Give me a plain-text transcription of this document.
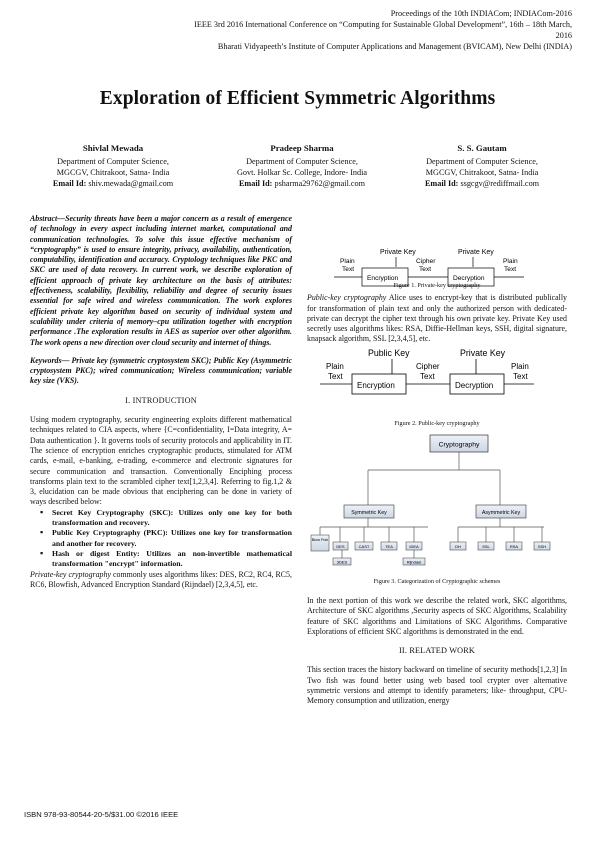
Proceedings of the 10th INDIACom; INDIACom-2016
IEEE 3rd 2016 International Conference on “Computing for Sustainable Global Development”, 16th – 18th March, 2016
Bharati Vidyapeeth’s Institute of Computer Applications and Management (BVICAM), New Delhi (INDIA)
Exploration of Efficient Symmetric Algorithms
Shivlal Mewada
Department of Computer Science,
MGCGV, Chitrakoot, Satna- India
Email Id: shiv.mewada@gmail.com
Pradeep Sharma
Department of Computer Science,
Govt. Holkar Sc. College, Indore- India
Email Id: psharma29762@gmail.com
S. S. Gautam
Department of Computer Science,
MGCGV, Chitrakoot, Satna- India
Email Id: ssgcgv@rediffmail.com
Abstract—Security threats have been a major concern as a result of emergence of technology in every aspect including internet market, computational and communication technologies. To solve this issue effective mechanism of “cryptography” is used to ensure integrity, privacy, availability, authentication, computability, identification and accuracy. Cryptology techniques like PKC and SKC are used of data recovery. In current work, we describe exploration of efficient approach of private key architecture on the basis of attributes: effectiveness, scalability, flexibility, reliability and degree of security issues essential for safe wired and wireless communication. The work explores efficient private key algorithm based on security of individual system and scalability under criteria of memory–cpu utilization together with encryption performance .The exploration results in AES as superior over other algorithm. The work opens a new direction over cloud security and internet of things.
Keywords— Private key (symmetric cryptosystem SKC); Public Key (Asymmetric cryptosystem PKC); wired communication; Wireless communication; variable key size (VKS).
I. INTRODUCTION
Using modern cryptography, security engineering exploits different mathematical techniques related to CIA aspects, where {C=confidentiality, I=Data integrity, A= Data authentication }. It governs tools of security protocols and applicability in IT. The science of encryption enriches cryptographic products, stimulated for ATM cards, e-mail, e-banking, e-trading, e-commerce and electronic signatures for secure communication and transaction. Conventionally Enciphing process transforms plain text to the scrambled cipher text[1,2,3,4]. Referring to fig.1,2 & 3, elucidation can be made obvious that enciphering can be done in variety of ways described below:
▪ Secret Key Cryptography (SKC): Utilizes only one key for both transformation and recovery.
▪ Public Key Cryptography (PKC): Utilizes one key for transformation and another for recovery.
▪ Hash or digest Entity: Utilizes an non-invertible mathematical transformation "encrypt" information.
Private-key cryptography commonly uses algorithms likes: DES, RC2, RC4, RC5, RC6, Blowfish, Advanced Encryption Standard (Rijndael) [2,3,4,5], etc.
Private Key	Private Key
Encryption	Decryption
Plain
Text
Cipher
Text
Plain
Text
Figure 1. Private-key cryptography
Public-key cryptography Alice uses to encrypt-key that is distributed publically for transformation of plain text and only the authorized person with dedicated-private can decrypt the cipher text through his own private key. Private Key used secretly uses algorithms likes: RSA, Diffie-Hellman keys, SSH, digital signature, knapsack algorithm, SSL [2,3,4,5], etc.
Public Key	Private Key
Encryption	Decryption
Plain
Text
Cipher
Text
Plain
Text
Figure 2. Public-key cryptography
Cryptography
Symmetric Key	Asymmetric Key
Blow Fish
DES	CAST	TEA	IDEA
3DES	Rijndael
DH	SSL	RSA	SSH
Figure 3. Categorization of Cryptographic schemes
In the next portion of this work we describe the related work, SKC algorithms, Architecture of SKC algorithms ,Security aspects of SKC Algorithms, Scalability feature of SKC algorithms and Limitations of SKC Algorithms. Comparative Explorations of efficient SKC algorithms is demonstrated in the end.
II. RELATED WORK
This section traces the history backward on timeline of security methods[1,2,3] In Two fish was found better using web based tool crypter over alternative symmetric versions and attempt to identify parameters; like- throughput, CPU-Memory consumption and utilization, energy
ISBN 978-93-80544-20-5/$31.00 ©2016 IEEE
